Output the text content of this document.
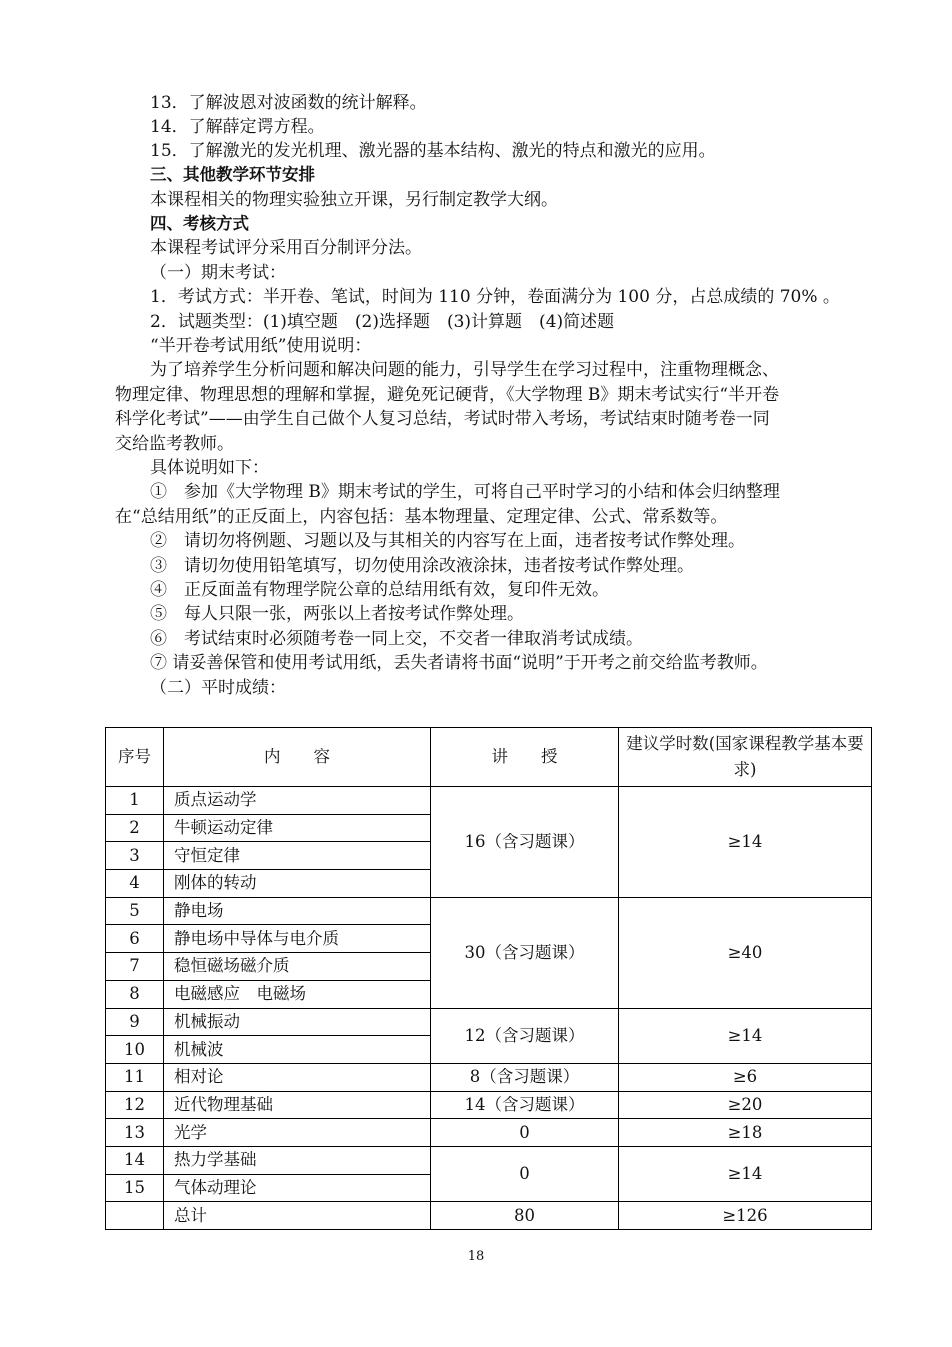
13．了解波恩对波函数的统计解释。
14．了解薛定谔方程。
15．了解激光的发光机理、激光器的基本结构、激光的特点和激光的应用。
三、其他教学环节安排
本课程相关的物理实验独立开课，另行制定教学大纲。
四、考核方式
本课程考试评分采用百分制评分法。
（一）期末考试：
1．考试方式：半开卷、笔试，时间为 110 分钟，卷面满分为 100 分，占总成绩的 70% 。
2．试题类型：(1)填空题　(2)选择题　(3)计算题　(4)简述题
“半开卷考试用纸”使用说明：
为了培养学生分析问题和解决问题的能力，引导学生在学习过程中，注重物理概念、
物理定律、物理思想的理解和掌握，避免死记硬背，《大学物理 B》期末考试实行“半开卷
科学化考试”——由学生自己做个人复习总结，考试时带入考场，考试结束时随考卷一同
交给监考教师。
具体说明如下：
①　参加《大学物理 B》期末考试的学生，可将自己平时学习的小结和体会归纳整理
在“总结用纸”的正反面上，内容包括：基本物理量、定理定律、公式、常系数等。
②　请切勿将例题、习题以及与其相关的内容写在上面，违者按考试作弊处理。
③　请切勿使用铅笔填写，切勿使用涂改液涂抹，违者按考试作弊处理。
④　正反面盖有物理学院公章的总结用纸有效，复印件无效。
⑤　每人只限一张，两张以上者按考试作弊处理。
⑥　考试结束时必须随考卷一同上交，不交者一律取消考试成绩。
⑦ 请妥善保管和使用考试用纸，丢失者请将书面“说明”于开考之前交给监考教师。
（二）平时成绩：
序号	内　　容	讲　　授	建议学时数(国家课程教学基本要求)
1	质点运动学	16（含习题课）	≥14
2	牛顿运动定律		
3	守恒定律		
4	刚体的转动		
5	静电场	30（含习题课）	≥40
6	静电场中导体与电介质		
7	稳恒磁场磁介质		
8	电磁感应　电磁场		
9	机械振动	12（含习题课）	≥14
10	机械波		
11	相对论	8（含习题课）	≥6
12	近代物理基础	14（含习题课）	≥20
13	光学	0	≥18
14	热力学基础	0	≥14
15	气体动理论		
	总计	80	≥126
18
